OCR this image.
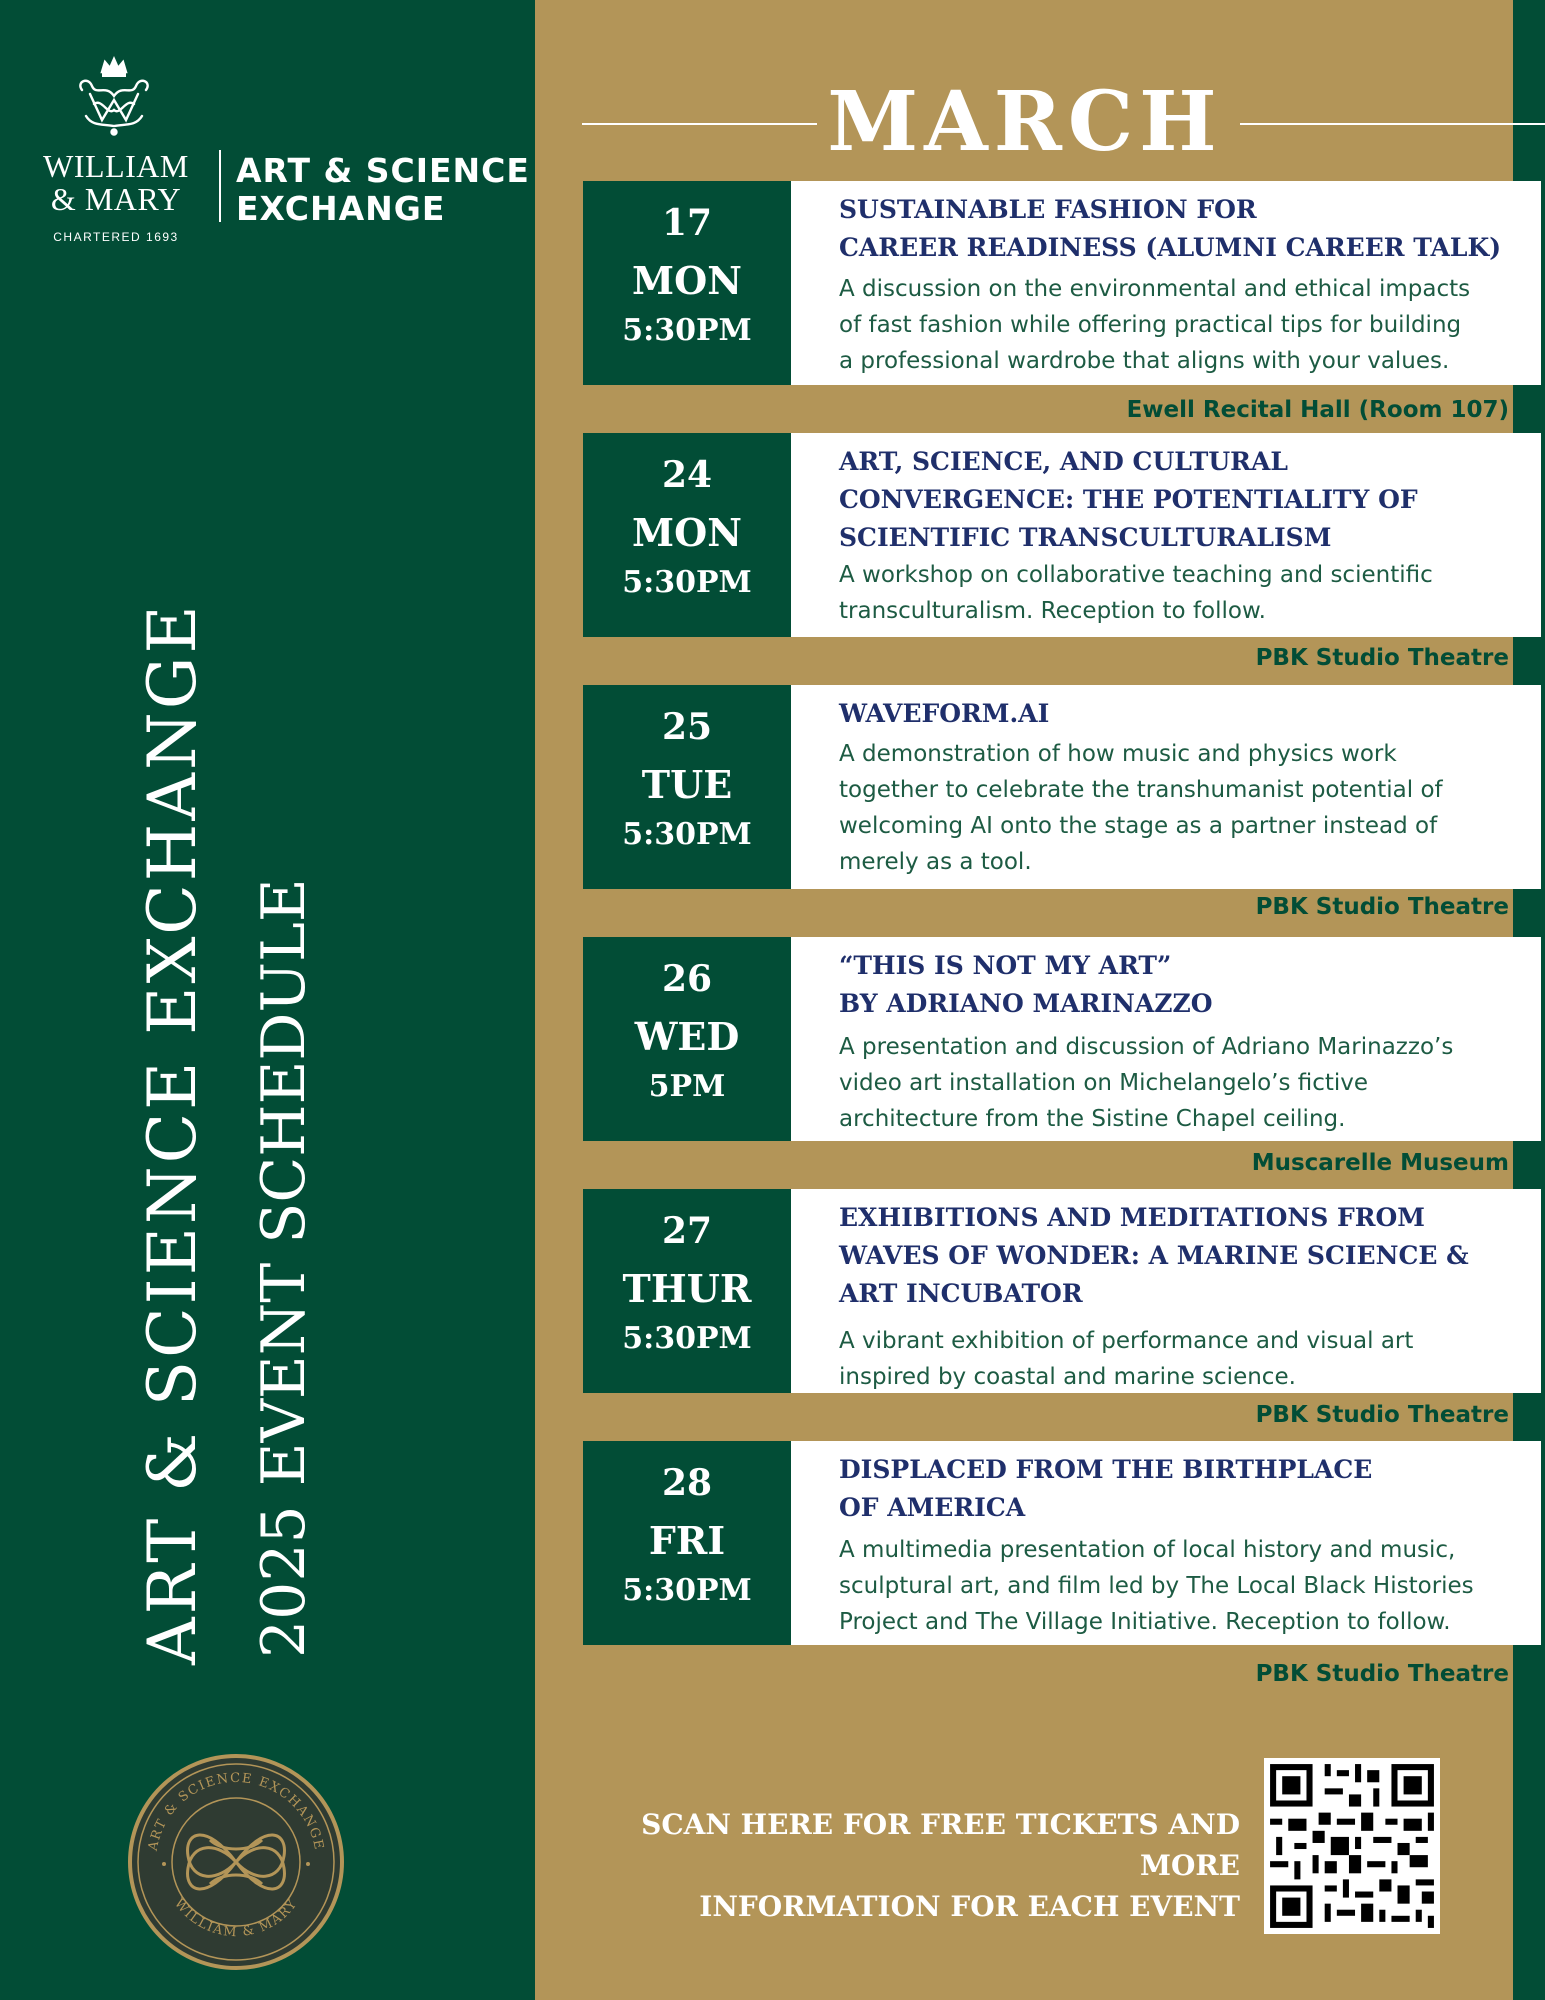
WILLIAM
& MARY
CHARTERED 1693
ART & SCIENCE
EXCHANGE
ART & SCIENCE EXCHANGE 2025 EVENT SCHEDULE
ART & SCIENCE EXCHANGE
WILLIAM & MARY
MARCH
17
MON
5:30PM
SUSTAINABLE FASHION FOR
CAREER READINESS (ALUMNI CAREER TALK)
A discussion on the environmental and ethical impacts
of fast fashion while offering practical tips for building
a professional wardrobe that aligns with your values.
Ewell Recital Hall (Room 107)
24
MON
5:30PM
ART, SCIENCE, AND CULTURAL
CONVERGENCE: THE POTENTIALITY OF
SCIENTIFIC TRANSCULTURALISM
A workshop on collaborative teaching and scientific
transculturalism. Reception to follow.
PBK Studio Theatre
25
TUE
5:30PM
WAVEFORM.AI
A demonstration of how music and physics work
together to celebrate the transhumanist potential of
welcoming AI onto the stage as a partner instead of
merely as a tool.
PBK Studio Theatre
26
WED
5PM
“THIS IS NOT MY ART”
BY ADRIANO MARINAZZO
A presentation and discussion of Adriano Marinazzo’s
video art installation on Michelangelo’s fictive
architecture from the Sistine Chapel ceiling.
Muscarelle Museum
27
THUR
5:30PM
EXHIBITIONS AND MEDITATIONS FROM
WAVES OF WONDER: A MARINE SCIENCE &
ART INCUBATOR
A vibrant exhibition of performance and visual art
inspired by coastal and marine science.
PBK Studio Theatre
28
FRI
5:30PM
DISPLACED FROM THE BIRTHPLACE
OF AMERICA
A multimedia presentation of local history and music,
sculptural art, and film led by The Local Black Histories
Project and The Village Initiative. Reception to follow.
PBK Studio Theatre
SCAN HERE FOR FREE TICKETS AND MORE
INFORMATION FOR EACH EVENT
